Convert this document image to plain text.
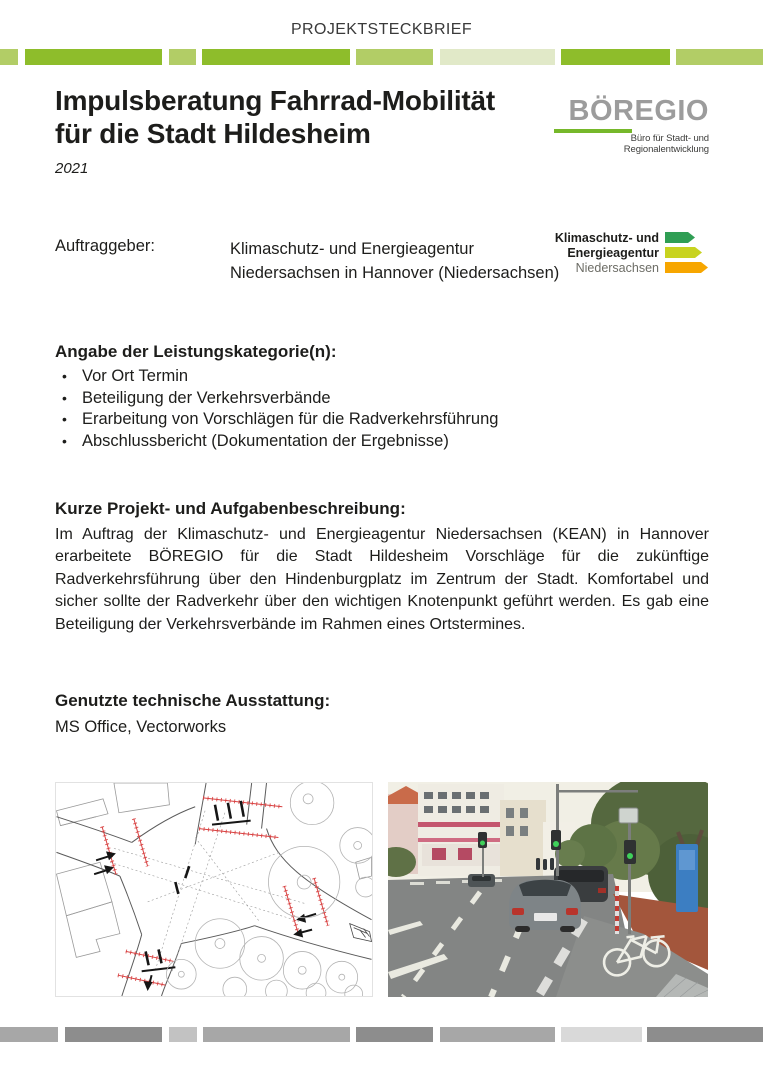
PROJEKTSTECKBRIEF
Impulsberatung Fahrrad-Mobilität
für die Stadt Hildesheim
2021
BÖREGIO
Büro für Stadt- und Regionalentwicklung
Auftraggeber:	Klimaschutz- und Energieagentur
Niedersachsen in Hannover (Niedersachsen)
Klimaschutz- und
Energieagentur
Niedersachsen
Angabe der Leistungskategorie(n):
• Vor Ort Termin
• Beteiligung der Verkehrsverbände
• Erarbeitung von Vorschlägen für die Radverkehrsführung
• Abschlussbericht (Dokumentation der Ergebnisse)
Kurze Projekt- und Aufgabenbeschreibung:
Im Auftrag der Klimaschutz- und Energieagentur Niedersachsen (KEAN) in Hannover erarbeitete BÖREGIO für die Stadt Hildesheim Vorschläge für die zukünftige Radverkehrsführung über den Hindenburgplatz im Zentrum der Stadt. Komfortabel und sicher sollte der Radverkehr über den wichtigen Knotenpunkt geführt werden. Es gab eine Beteiligung der Verkehrsverbände im Rahmen eines Ortstermines.
Genutzte technische Ausstattung:
MS Office, Vectorworks
